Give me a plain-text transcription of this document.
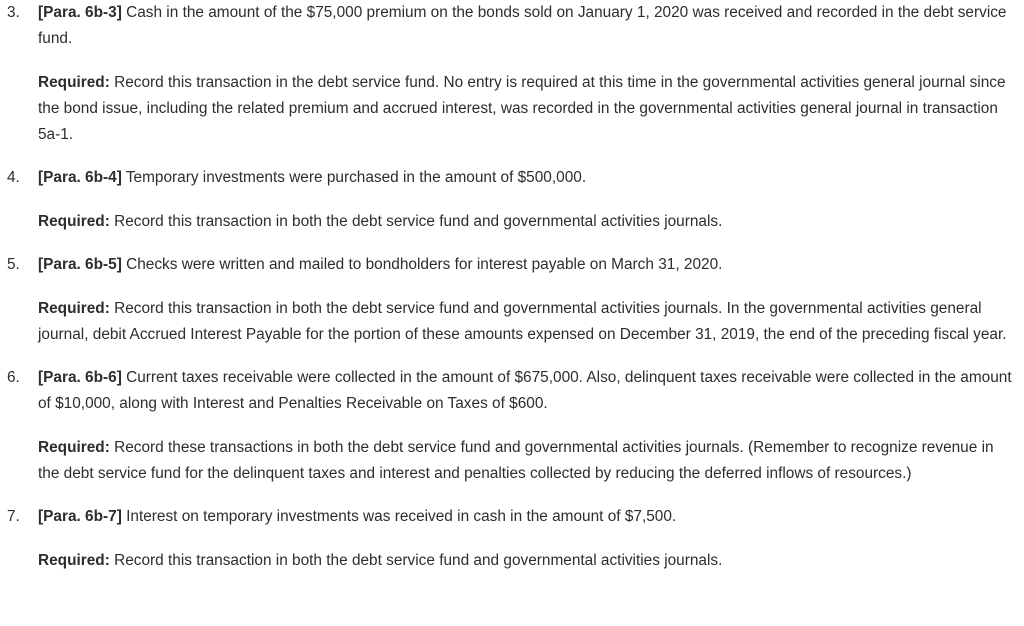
3. [Para. 6b-3] Cash in the amount of the $75,000 premium on the bonds sold on January 1, 2020 was received and recorded in the debt service fund.

Required: Record this transaction in the debt service fund. No entry is required at this time in the governmental activities general journal since the bond issue, including the related premium and accrued interest, was recorded in the governmental activities general journal in transaction 5a-1.

4. [Para. 6b-4] Temporary investments were purchased in the amount of $500,000.

Required: Record this transaction in both the debt service fund and governmental activities journals.

5. [Para. 6b-5] Checks were written and mailed to bondholders for interest payable on March 31, 2020.

Required: Record this transaction in both the debt service fund and governmental activities journals. In the governmental activities general journal, debit Accrued Interest Payable for the portion of these amounts expensed on December 31, 2019, the end of the preceding fiscal year.

6. [Para. 6b-6] Current taxes receivable were collected in the amount of $675,000. Also, delinquent taxes receivable were collected in the amount of $10,000, along with Interest and Penalties Receivable on Taxes of $600.

Required: Record these transactions in both the debt service fund and governmental activities journals. (Remember to recognize revenue in the debt service fund for the delinquent taxes and interest and penalties collected by reducing the deferred inflows of resources.)

7. [Para. 6b-7] Interest on temporary investments was received in cash in the amount of $7,500.

Required: Record this transaction in both the debt service fund and governmental activities journals.
